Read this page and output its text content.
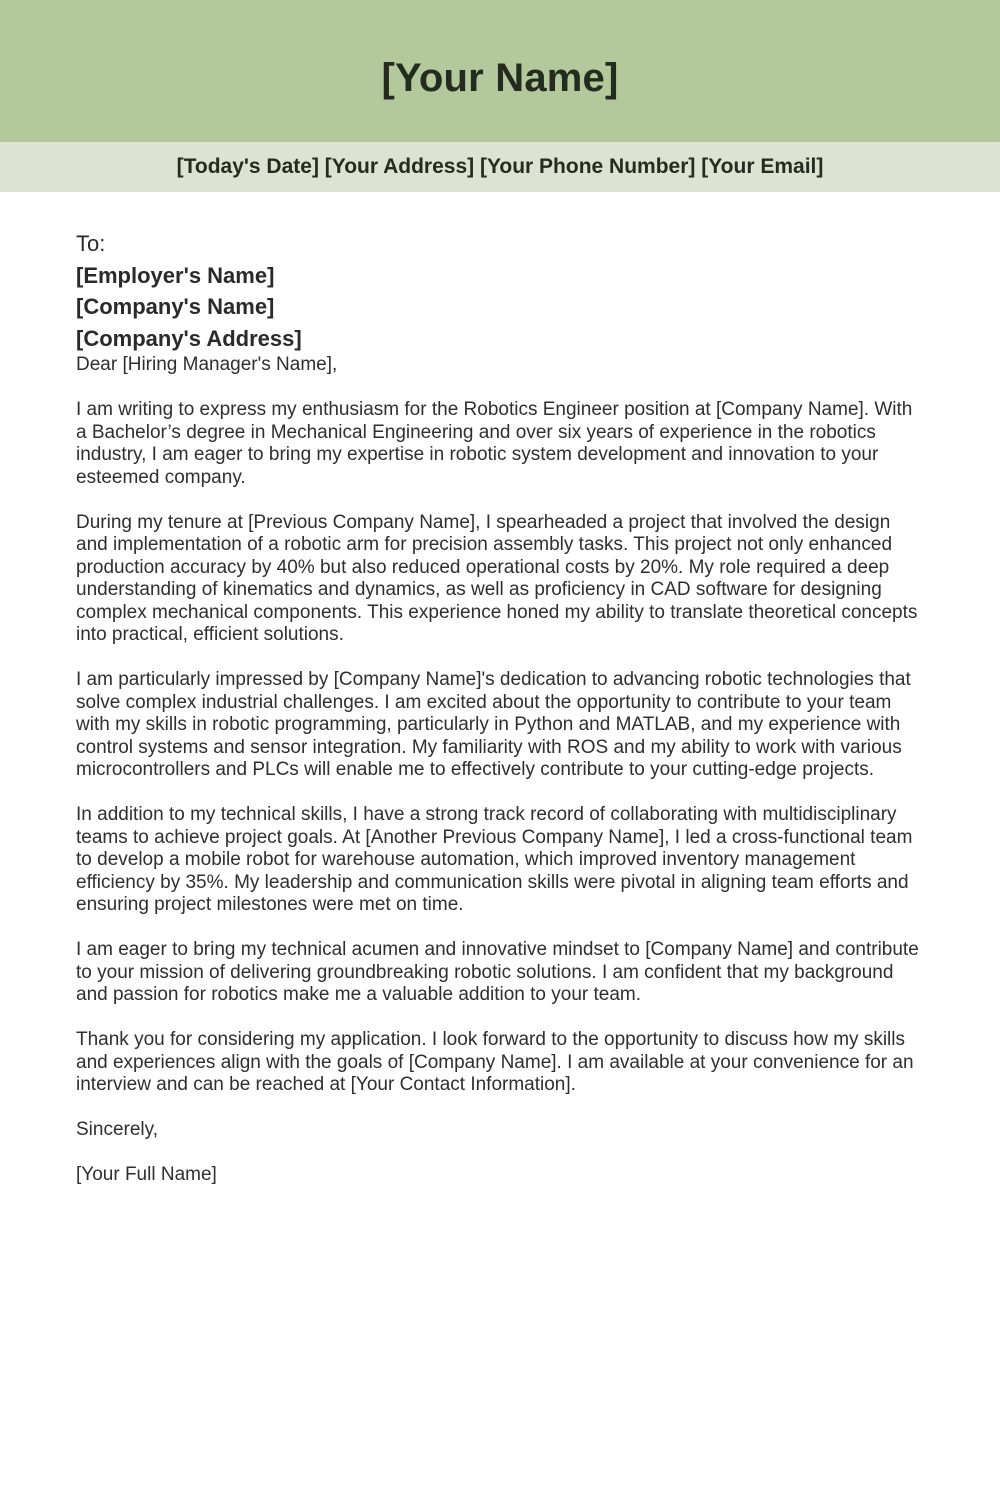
[Your Name]
[Today's Date] [Your Address] [Your Phone Number] [Your Email]
To:
[Employer's Name]
[Company's Name]
[Company's Address]
Dear [Hiring Manager's Name],

I am writing to express my enthusiasm for the Robotics Engineer position at [Company Name]. With a Bachelor’s degree in Mechanical Engineering and over six years of experience in the robotics industry, I am eager to bring my expertise in robotic system development and innovation to your esteemed company.

During my tenure at [Previous Company Name], I spearheaded a project that involved the design and implementation of a robotic arm for precision assembly tasks. This project not only enhanced production accuracy by 40% but also reduced operational costs by 20%. My role required a deep understanding of kinematics and dynamics, as well as proficiency in CAD software for designing complex mechanical components. This experience honed my ability to translate theoretical concepts into practical, efficient solutions.

I am particularly impressed by [Company Name]'s dedication to advancing robotic technologies that solve complex industrial challenges. I am excited about the opportunity to contribute to your team with my skills in robotic programming, particularly in Python and MATLAB, and my experience with control systems and sensor integration. My familiarity with ROS and my ability to work with various microcontrollers and PLCs will enable me to effectively contribute to your cutting-edge projects.

In addition to my technical skills, I have a strong track record of collaborating with multidisciplinary teams to achieve project goals. At [Another Previous Company Name], I led a cross-functional team to develop a mobile robot for warehouse automation, which improved inventory management efficiency by 35%. My leadership and communication skills were pivotal in aligning team efforts and ensuring project milestones were met on time.

I am eager to bring my technical acumen and innovative mindset to [Company Name] and contribute to your mission of delivering groundbreaking robotic solutions. I am confident that my background and passion for robotics make me a valuable addition to your team.

Thank you for considering my application. I look forward to the opportunity to discuss how my skills and experiences align with the goals of [Company Name]. I am available at your convenience for an interview and can be reached at [Your Contact Information].

Sincerely,
[Your Full Name]
